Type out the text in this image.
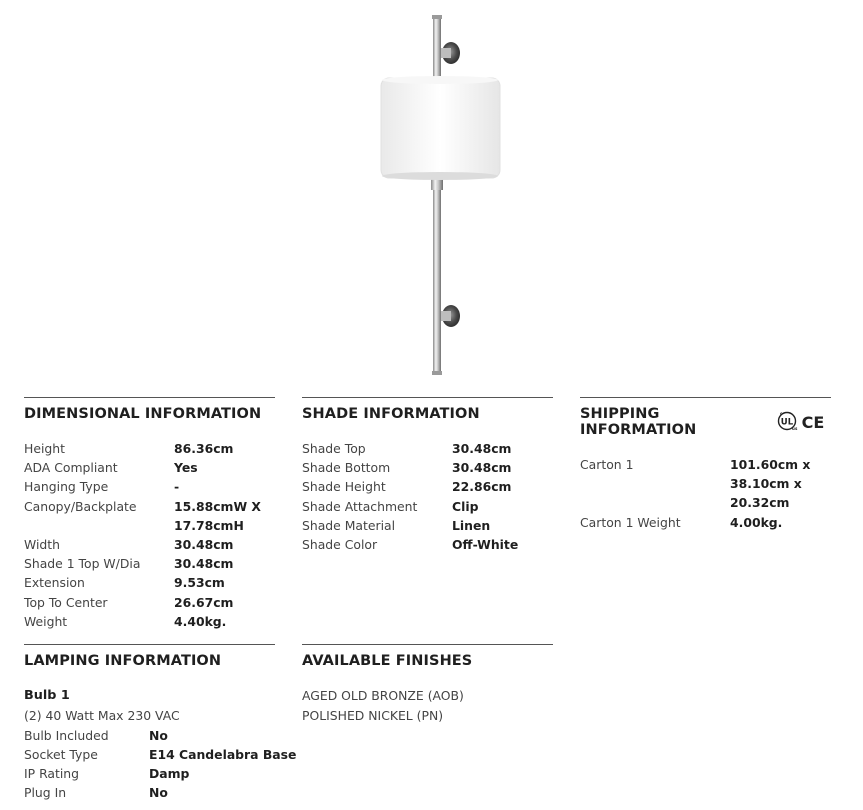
DIMENSIONAL INFORMATION
Height	86.36cm
ADA Compliant	Yes
Hanging Type	-
Canopy/Backplate	15.88cmW X 17.78cmH
Width	30.48cm
Shade 1 Top W/Dia	30.48cm
Extension	9.53cm
Top To Center	26.67cm
Weight	4.40kg.
SHADE INFORMATION
Shade Top	30.48cm
Shade Bottom	30.48cm
Shade Height	22.86cm
Shade Attachment	Clip
Shade Material	Linen
Shade Color	Off-White
SHIPPING INFORMATION	UL
c
us CE
Carton 1	101.60cm x 38.10cm x 20.32cm
Carton 1 Weight	4.00kg.
LAMPING INFORMATION
Bulb 1
(2) 40 Watt Max 230 VAC
Bulb Included	No
Socket Type	E14 Candelabra Base
IP Rating	Damp
Plug In	No
AVAILABLE FINISHES
AGED OLD BRONZE (AOB)
POLISHED NICKEL (PN)
